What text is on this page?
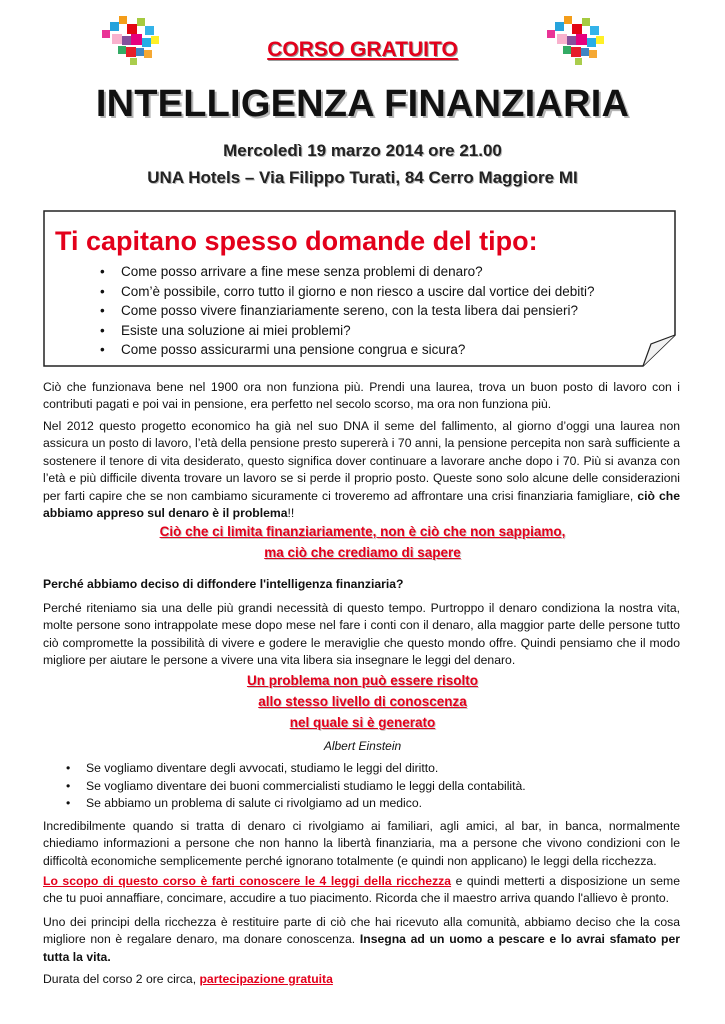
CORSO GRATUITO
INTELLIGENZA FINANZIARIA
Mercoledì 19 marzo 2014 ore 21.00
UNA Hotels – Via Filippo Turati, 84 Cerro Maggiore MI
Ti capitano spesso domande del tipo:
• Come posso arrivare a fine mese senza problemi di denaro?
• Com’è possibile, corro tutto il giorno e non riesco a uscire dal vortice dei debiti?
• Come posso vivere finanziariamente sereno, con la testa libera dai pensieri?
• Esiste una soluzione ai miei problemi?
• Come posso assicurarmi una pensione congrua e sicura?

Ciò che funzionava bene nel 1900 ora non funziona più. Prendi una laurea, trova un buon posto di lavoro con i contributi pagati e poi vai in pensione, era perfetto nel secolo scorso, ma ora non funziona più.

Nel 2012 questo progetto economico ha già nel suo DNA il seme del fallimento, al giorno d’oggi una laurea non assicura un posto di lavoro, l’età della pensione presto supererà i 70 anni, la pensione percepita non sarà sufficiente a sostenere il tenore di vita desiderato, questo significa dover continuare a lavorare anche dopo i 70. Più si avanza con l’età e più difficile diventa trovare un lavoro se si perde il proprio posto. Queste sono solo alcune delle considerazioni per farti capire che se non cambiamo sicuramente ci troveremo ad affrontare una crisi finanziaria famigliare, ciò che abbiamo appreso sul denaro è il problema!!

Ciò che ci limita finanziariamente, non è ciò che non sappiamo,
ma ciò che crediamo di sapere

Perché abbiamo deciso di diffondere l'intelligenza finanziaria?

Perché riteniamo sia una delle più grandi necessità di questo tempo. Purtroppo il denaro condiziona la nostra vita, molte persone sono intrappolate mese dopo mese nel fare i conti con il denaro, alla maggior parte delle persone tutto ciò compromette la possibilità di vivere e godere le meraviglie che questo mondo offre. Quindi pensiamo che il modo migliore per aiutare le persone a vivere una vita libera sia insegnare le leggi del denaro.

Un problema non può essere risolto
allo stesso livello di conoscenza
nel quale si è generato
Albert Einstein
• Se vogliamo diventare degli avvocati, studiamo le leggi del diritto.
• Se vogliamo diventare dei buoni commercialisti studiamo le leggi della contabilità.
• Se abbiamo un problema di salute ci rivolgiamo ad un medico.

Incredibilmente quando si tratta di denaro ci rivolgiamo ai familiari, agli amici, al bar, in banca, normalmente chiediamo informazioni a persone che non hanno la libertà finanziaria, ma a persone che vivono condizioni con le difficoltà economiche semplicemente perché ignorano totalmente (e quindi non applicano) le leggi della ricchezza.

Lo scopo di questo corso è farti conoscere le 4 leggi della ricchezza e quindi metterti a disposizione un seme che tu puoi annaffiare, concimare, accudire a tuo piacimento. Ricorda che il maestro arriva quando l'allievo è pronto.

Uno dei principi della ricchezza è restituire parte di ciò che hai ricevuto alla comunità, abbiamo deciso che la cosa migliore non è regalare denaro, ma donare conoscenza. Insegna ad un uomo a pescare e lo avrai sfamato per tutta la vita.

Durata del corso 2 ore circa, partecipazione gratuita
